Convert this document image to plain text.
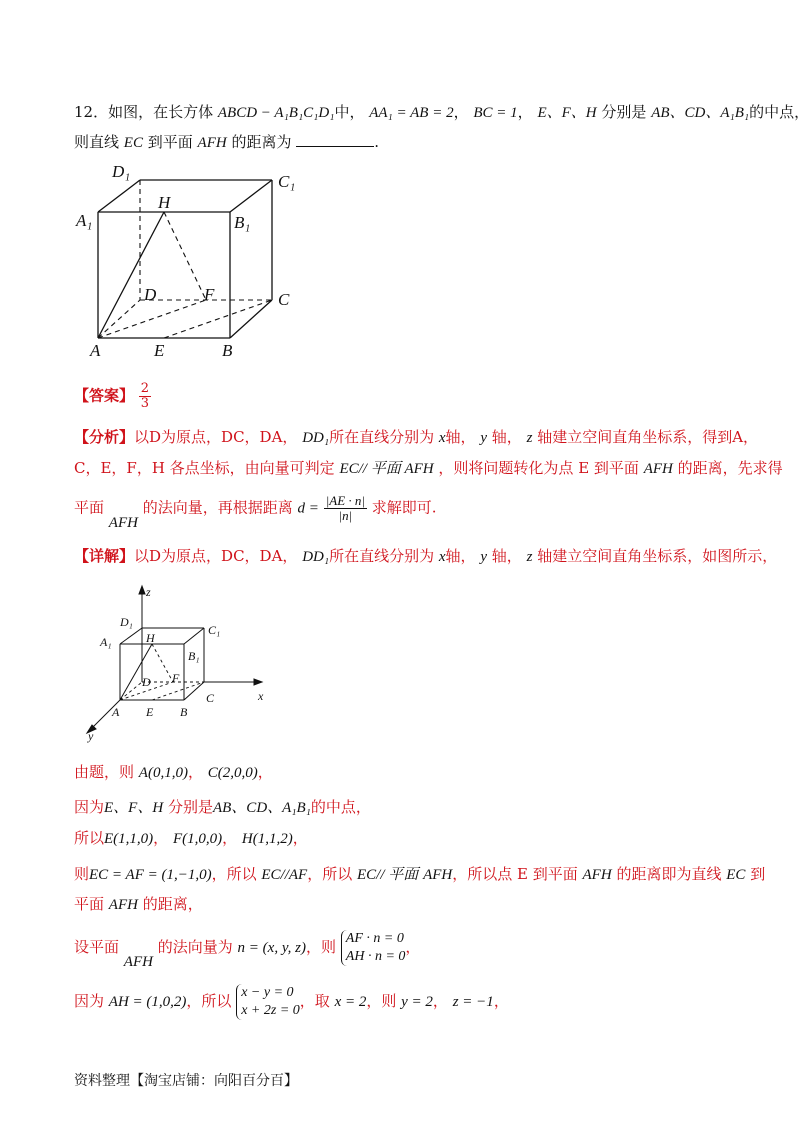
12．如图，在长方体 ABCD − A₁B₁C₁D₁中， AA₁ = AB = 2， BC = 1， E、F、H 分别是 AB、CD、A₁B₁的中点，
则直线 EC 到平面 AFH 的距离为	.
D₁
C₁
A₁	B₁
H
D	F	C
A	E	B
【答案】 $\frac{2}{3}$
【分析】以D为原点，DC，DA， DD₁所在直线分别为 x轴， y 轴， z 轴建立空间直角坐标系，得到A，
C，E，F，H 各点坐标，由向量可判定 EC// 平面 AFH ，则将问题转化为点 E 到平面 AFH 的距离，先求得
平面 AFH 的法向量，再根据距离 $d = \frac{|AE \cdot n|}{|n|}$ 求解即可.
【详解】以D为原点，DC，DA， DD₁所在直线分别为 x轴， y 轴， z 轴建立空间直角坐标系，如图所示，
z
x
y
D₁
C₁
A₁
B₁
H
D F
A E B
C
由题，则 A(0,1,0)， C(2,0,0)，
因为E、F、H 分别是AB、CD、A₁B₁的中点，
所以E(1,1,0)， F(1,0,0)， H(1,1,2)，
则EC = AF = (1,−1,0)，所以 EC//AF，所以 EC// 平面 AFH，所以点 E 到平面 AFH 的距离即为直线 EC 到
平面 AFH 的距离，
设平面 AFH 的法向量为 n = (x, y, z)，则 AF · n = 0
AH · n = 0
，
因为 AH = (1,0,2)，所以 x − y = 0
x + 2z = 0
，取 x = 2，则 y = 2， z = −1，
资料整理【淘宝店铺：向阳百分百】
